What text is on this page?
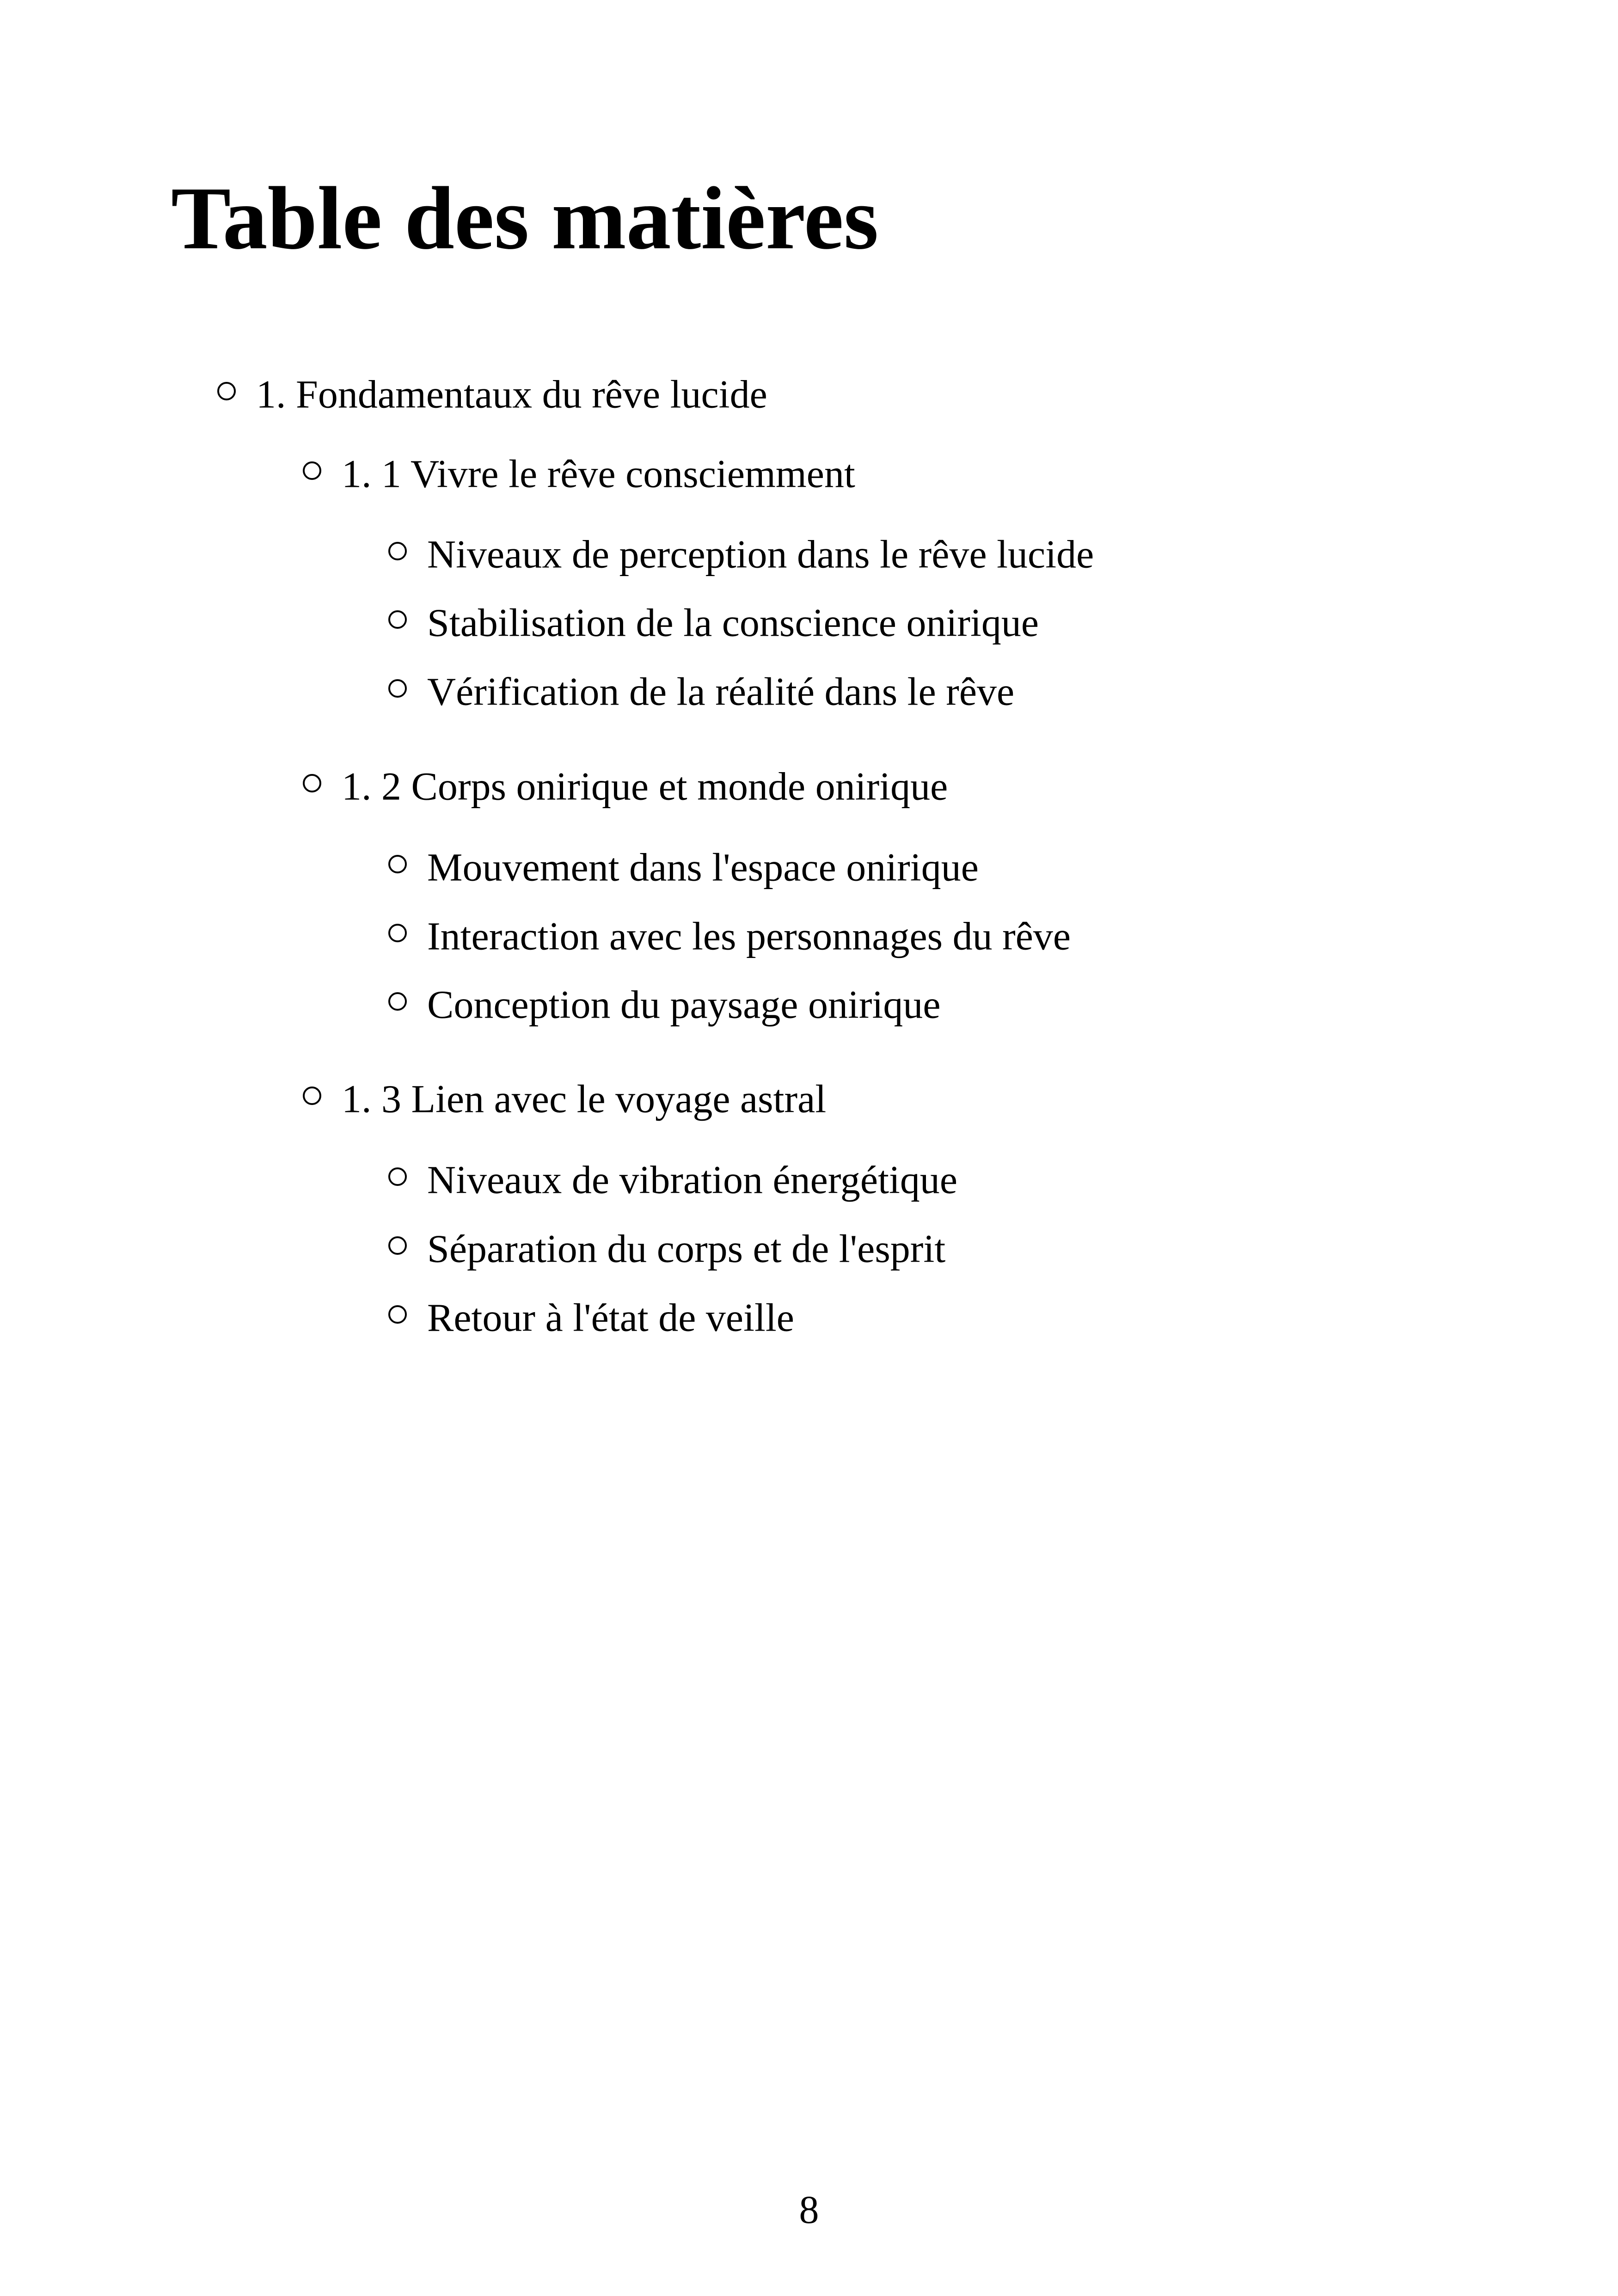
Table des matières
1. Fondamentaux du rêve lucide
1. 1 Vivre le rêve consciemment
Niveaux de perception dans le rêve lucide
Stabilisation de la conscience onirique
Vérification de la réalité dans le rêve
1. 2 Corps onirique et monde onirique
Mouvement dans l'espace onirique
Interaction avec les personnages du rêve
Conception du paysage onirique
1. 3 Lien avec le voyage astral
Niveaux de vibration énergétique
Séparation du corps et de l'esprit
Retour à l'état de veille
8
